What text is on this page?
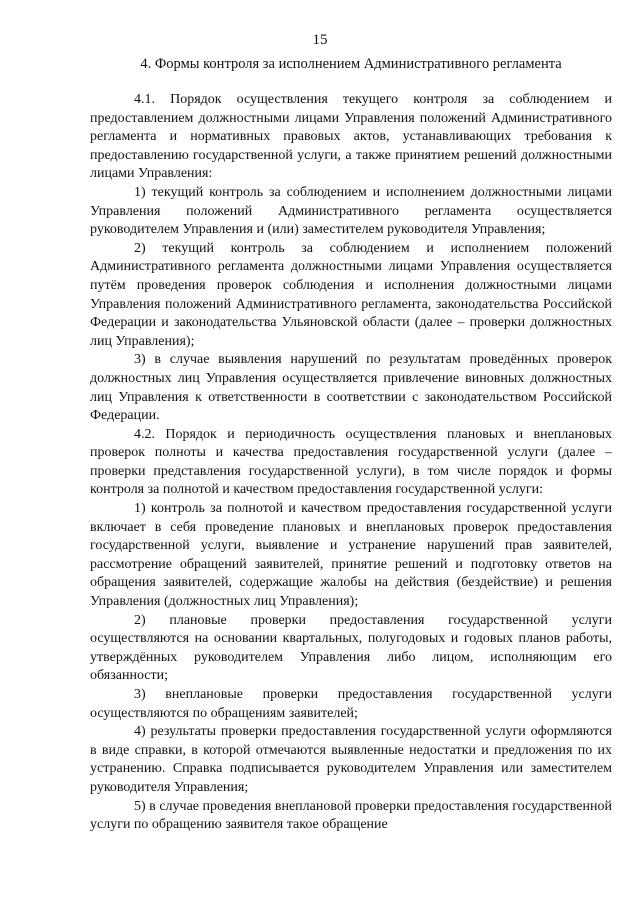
15
4. Формы контроля за исполнением Административного регламента

4.1. Порядок осуществления текущего контроля за соблюдением и предоставлением должностными лицами Управления положений Административного регламента и нормативных правовых актов, устанавливающих требования к предоставлению государственной услуги, а также принятием решений должностными лицами Управления:

1) текущий контроль за соблюдением и исполнением должностными лицами Управления положений Административного регламента осуществляется руководителем Управления и (или) заместителем руководителя Управления;

2) текущий контроль за соблюдением и исполнением положений Административного регламента должностными лицами Управления осуществляется путём проведения проверок соблюдения и исполнения должностными лицами Управления положений Административного регламента, законодательства Российской Федерации и законодательства Ульяновской области (далее – проверки должностных лиц Управления);

3) в случае выявления нарушений по результатам проведённых проверок должностных лиц Управления осуществляется привлечение виновных должностных лиц Управления к ответственности в соответствии с законодательством Российской Федерации.

4.2. Порядок и периодичность осуществления плановых и внеплановых проверок полноты и качества предоставления государственной услуги (далее – проверки представления государственной услуги), в том числе порядок и формы контроля за полнотой и качеством предоставления государственной услуги:

1) контроль за полнотой и качеством предоставления государственной услуги включает в себя проведение плановых и внеплановых проверок предоставления государственной услуги, выявление и устранение нарушений прав заявителей, рассмотрение обращений заявителей, принятие решений и подготовку ответов на обращения заявителей, содержащие жалобы на действия (бездействие) и решения Управления (должностных лиц Управления);

2) плановые проверки предоставления государственной услуги осуществляются на основании квартальных, полугодовых и годовых планов работы, утверждённых руководителем Управления либо лицом, исполняющим его обязанности;

3) внеплановые проверки предоставления государственной услуги осуществляются по обращениям заявителей;

4) результаты проверки предоставления государственной услуги оформляются в виде справки, в которой отмечаются выявленные недостатки и предложения по их устранению. Справка подписывается руководителем Управления или заместителем руководителя Управления;

5) в случае проведения внеплановой проверки предоставления государственной услуги по обращению заявителя такое обращение
